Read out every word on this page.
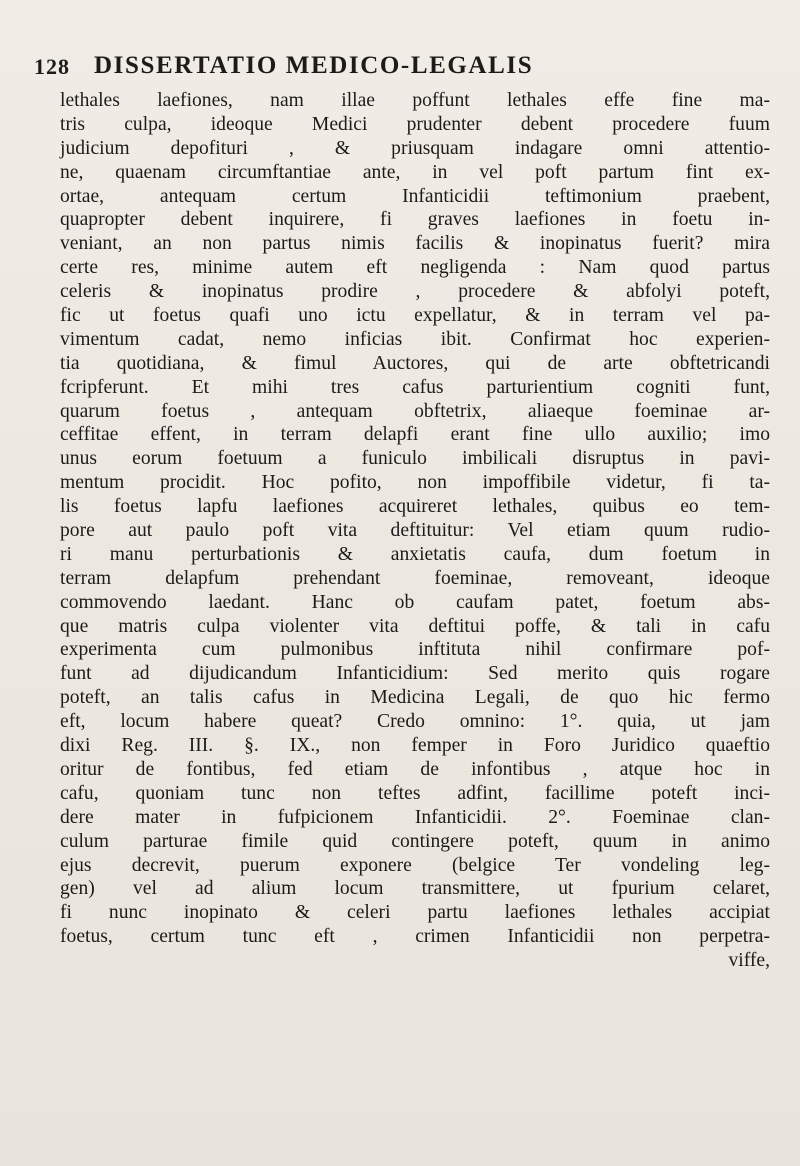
128 DISSERTATIO MEDICO-LEGALIS
lethales laefiones, nam illae poffunt lethales effe fine ma-
tris culpa, ideoque Medici prudenter debent procedere fuum
judicium depofituri , & priusquam indagare omni attentio-
ne, quaenam circumftantiae ante, in vel poft partum fint ex-
ortae, antequam certum Infanticidii teftimonium praebent,
quapropter debent inquirere, fi graves laefiones in foetu in-
veniant, an non partus nimis facilis & inopinatus fuerit? mira
certe res, minime autem eft negligenda : Nam quod partus
celeris & inopinatus prodire , procedere & abfolyi poteft,
fic ut foetus quafi uno ictu expellatur, & in terram vel pa-
vimentum cadat, nemo inficias ibit. Confirmat hoc experien-
tia quotidiana, & fimul Auctores, qui de arte obftetricandi
fcripferunt. Et mihi tres cafus parturientium cogniti funt,
quarum foetus , antequam obftetrix, aliaeque foeminae ar-
ceffitae effent, in terram delapfi erant fine ullo auxilio; imo
unus eorum foetuum a funiculo imbilicali disruptus in pavi-
mentum procidit. Hoc pofito, non impoffibile videtur, fi ta-
lis foetus lapfu laefiones acquireret lethales, quibus eo tem-
pore aut paulo poft vita deftituitur: Vel etiam quum rudio-
ri manu perturbationis & anxietatis caufa, dum foetum in
terram delapfum prehendant foeminae, removeant, ideoque
commovendo laedant. Hanc ob caufam patet, foetum abs-
que matris culpa violenter vita deftitui poffe, & tali in cafu
experimenta cum pulmonibus inftituta nihil confirmare pof-
funt ad dijudicandum Infanticidium: Sed merito quis rogare
poteft, an talis cafus in Medicina Legali, de quo hic fermo
eft, locum habere queat? Credo omnino: 1°. quia, ut jam
dixi Reg. III. §. IX., non femper in Foro Juridico quaeftio
oritur de fontibus, fed etiam de infontibus , atque hoc in
cafu, quoniam tunc non teftes adfint, facillime poteft inci-
dere mater in fufpicionem Infanticidii. 2°. Foeminae clan-
culum parturae fimile quid contingere poteft, quum in animo
ejus decrevit, puerum exponere (belgice Ter vondeling leg-
gen) vel ad alium locum transmittere, ut fpurium celaret,
fi nunc inopinato & celeri partu laefiones lethales accipiat
foetus, certum tunc eft , crimen Infanticidii non perpetra-
viffe,
